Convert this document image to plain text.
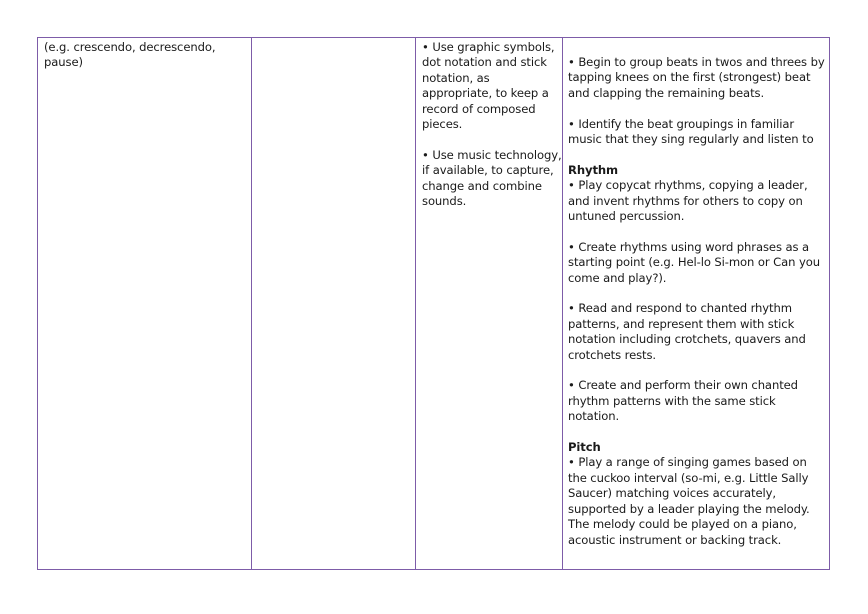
(e.g. crescendo, decrescendo, pause)

• Use graphic symbols, dot notation and stick notation, as appropriate, to keep a record of composed pieces.

• Use music technology, if available, to capture, change and combine sounds.

• Begin to group beats in twos and threes by tapping knees on the first (strongest) beat and clapping the remaining beats.

• Identify the beat groupings in familiar music that they sing regularly and listen to

Rhythm

• Play copycat rhythms, copying a leader, and invent rhythms for others to copy on untuned percussion.

• Create rhythms using word phrases as a starting point (e.g. Hel-lo Si-mon or Can you come and play?).

• Read and respond to chanted rhythm patterns, and represent them with stick notation including crotchets, quavers and crotchets rests.

• Create and perform their own chanted rhythm patterns with the same stick notation.

Pitch

• Play a range of singing games based on the cuckoo interval (so-mi, e.g. Little Sally Saucer) matching voices accurately, supported by a leader playing the melody. The melody could be played on a piano, acoustic instrument or backing track.
